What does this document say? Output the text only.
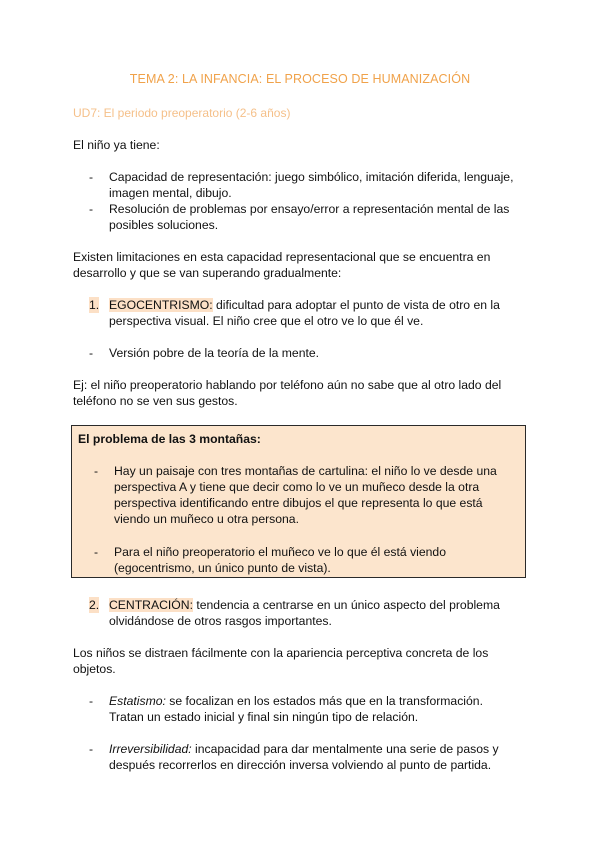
TEMA 2: LA INFANCIA: EL PROCESO DE HUMANIZACIÓN
UD7: El periodo preoperatorio (2-6 años)
El niño ya tiene:
- Capacidad de representación: juego simbólico, imitación diferida, lenguaje, imagen mental, dibujo.
- Resolución de problemas por ensayo/error a representación mental de las posibles soluciones.
Existen limitaciones en esta capacidad representacional que se encuentra en desarrollo y que se van superando gradualmente:
1. EGOCENTRISMO: dificultad para adoptar el punto de vista de otro en la perspectiva visual. El niño cree que el otro ve lo que él ve.
- Versión pobre de la teoría de la mente.
Ej: el niño preoperatorio hablando por teléfono aún no sabe que al otro lado del teléfono no se ven sus gestos.
El problema de las 3 montañas:
- Hay un paisaje con tres montañas de cartulina: el niño lo ve desde una perspectiva A y tiene que decir como lo ve un muñeco desde la otra perspectiva identificando entre dibujos el que representa lo que está viendo un muñeco u otra persona.
- Para el niño preoperatorio el muñeco ve lo que él está viendo (egocentrismo, un único punto de vista).
2. CENTRACIÓN: tendencia a centrarse en un único aspecto del problema olvidándose de otros rasgos importantes.
Los niños se distraen fácilmente con la apariencia perceptiva concreta de los objetos.
- Estatismo: se focalizan en los estados más que en la transformación. Tratan un estado inicial y final sin ningún tipo de relación.
- Irreversibilidad: incapacidad para dar mentalmente una serie de pasos y después recorrerlos en dirección inversa volviendo al punto de partida.
